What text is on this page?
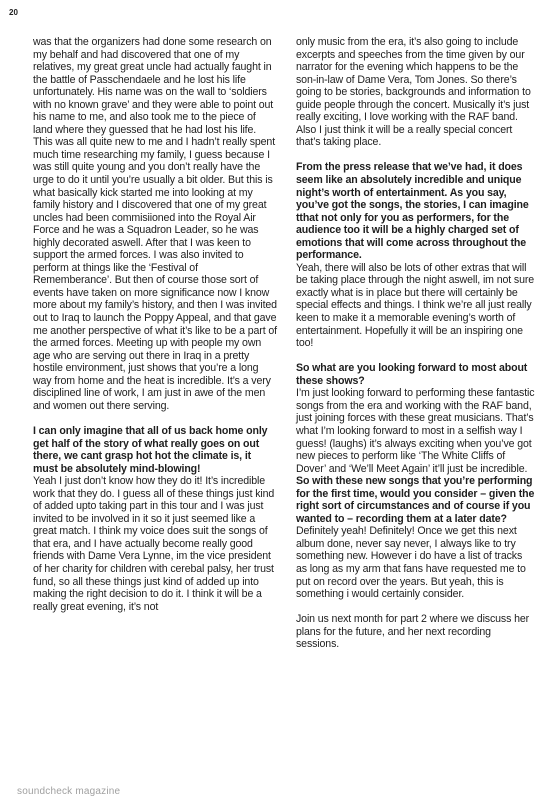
20

was that the organizers had done some research on my behalf and had discovered that one of my relatives, my great great uncle had actually faught in the battle of Passchendaele and he lost his life unfortunately. His name was on the wall to ‘soldiers with no known grave’ and they were able to point out his name to me, and also took me to the piece of land where they guessed that he had lost his life. This was all quite new to me and I hadn’t really spent much time researching my family, I guess because I was still quite young and you don’t really have the urge to do it until you’re usually a bit older. But this is what basically kick started me into looking at my family history and I discovered that one of my great uncles had been commisiioned into the Royal Air Force and he was a Squadron Leader, so he was highly decorated aswell. After that I was keen to support the armed forces. I was also invited to perform at things like the ‘Festival of Rememberance’. But then of course those sort of events have taken on more significance now I know more about my family’s history, and then I was invited out to Iraq to launch the Poppy Appeal, and that gave me another perspective of what it’s like to be a part of the armed forces. Meeting up with people my own age who are serving out there in Iraq in a pretty hostile environment, just shows that you’re a long way from home and the heat is incredible. It’s a very disciplined line of work, I am just in awe of the men and women out there serving.

I can only imagine that all of us back home only get half of the story of what really goes on out there, we cant grasp hot hot the climate is, it must be absolutely mind-blowing!

Yeah I just don’t know how they do it! It’s incredible work that they do. I guess all of these things just kind of added upto taking part in this tour and I was just invited to be involved in it so it just seemed like a great match. I think my voice does suit the songs of that era, and I have actually become really good friends with Dame Vera Lynne, im the vice president of her charity for children with cerebal palsy, her trust fund, so all these things just kind of added up into making the right decision to do it. I think it will be a really great evening, it’s not

only music from the era, it’s also going to include excerpts and speeches from the time given by our narrator for the evening which happens to be the son-in-law of Dame Vera, Tom Jones. So there’s going to be stories, backgrounds and information to guide people through the concert. Musically it’s just really exciting, I love working with the RAF band. Also I just think it will be a really special concert that’s taking place.

From the press release that we’ve had, it does seem like an absolutely incredible and unique night’s worth of entertainment. As you say, you’ve got the songs, the stories, I can imagine tthat not only for you as performers, for the audience too it will be a highly charged set of emotions that will come across throughout the performance.

Yeah, there will also be lots of other extras that will be taking place through the night aswell, im not sure exactly what is in place but there will certainly be special effects and things. I think we’re all just really keen to make it a memorable evening’s worth of entertainment. Hopefully it will be an inspiring one too!

So what are you looking forward to most about these shows?

I’m just looking forward to performing these fantastic songs from the era and working with the RAF band, just joining forces with these great musicians. That’s what I’m looking forward to most in a selfish way I guess! (laughs) it’s always exciting when you’ve got new pieces to perform like ‘The White Cliffs of Dover’ and ‘We’ll Meet Again’ it’ll just be incredible.

So with these new songs that you’re performing for the first time, would you consider – given the right sort of circumstances and of course if you wanted to – recording them at a later date?

Definitely yeah! Definitely! Once we get this next album done, never say never, I always like to try something new. However i do have a list of tracks as long as my arm that fans have requested me to put on record over the years. But yeah, this is something i would certainly consider.

Join us next month for part 2 where we discuss her plans for the future, and her next recording sessions.

soundcheck magazine
